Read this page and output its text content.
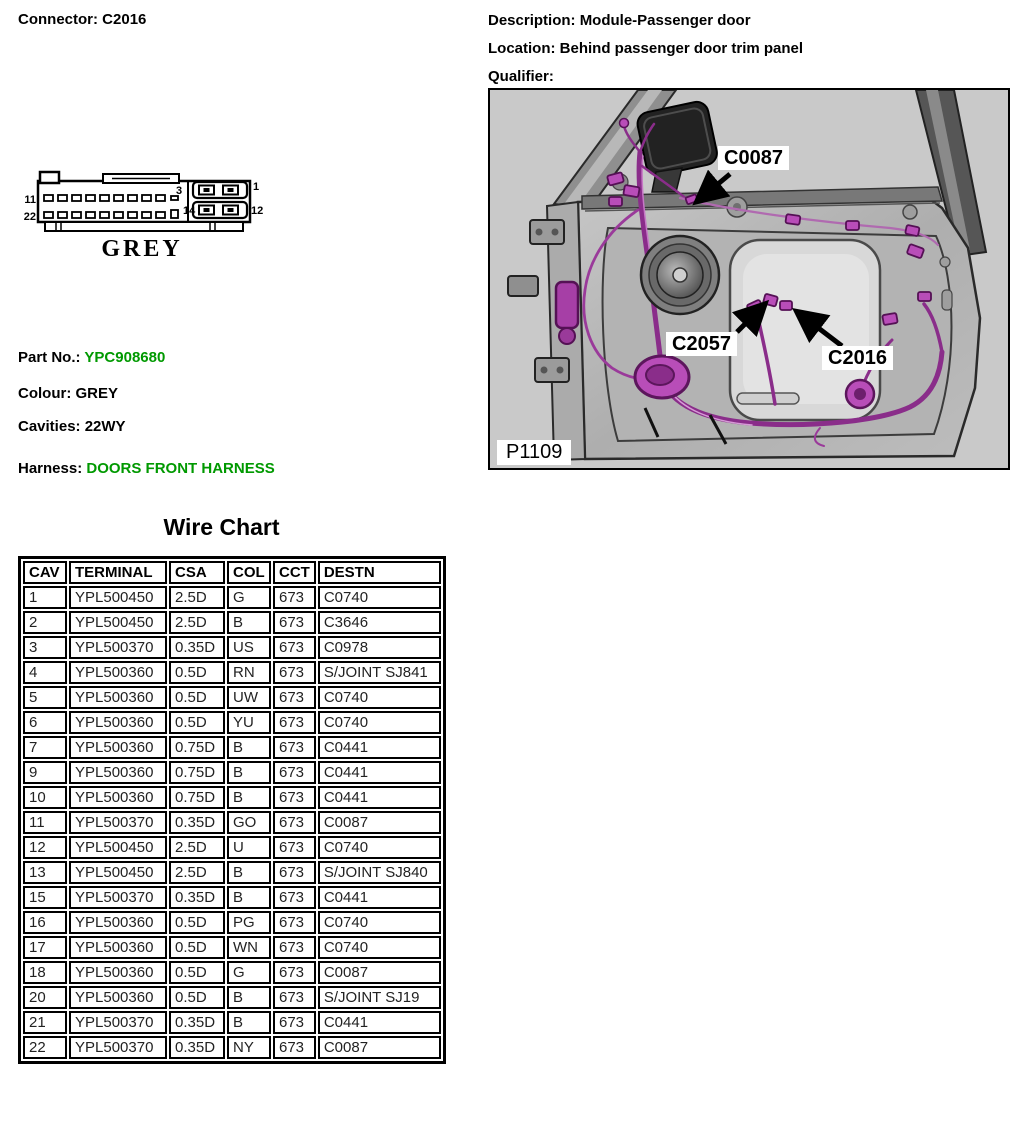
Connector: C2016	Description: Module-Passenger door
Location: Behind passenger door trim panel
Qualifier:
11
22
3
14
1
12
GREY
Part No.: YPC908680
Colour: GREY
Cavities: 22WY
Harness: DOORS FRONT HARNESS
C0087
C2057
C2016
P1109
Wire Chart
CAV	TERMINAL	CSA	COL	CCT	DESTN
1	YPL500450	2.5D	G	673	C0740
2	YPL500450	2.5D	B	673	C3646
3	YPL500370	0.35D	US	673	C0978
4	YPL500360	0.5D	RN	673	S/JOINT SJ841
5	YPL500360	0.5D	UW	673	C0740
6	YPL500360	0.5D	YU	673	C0740
7	YPL500360	0.75D	B	673	C0441
9	YPL500360	0.75D	B	673	C0441
10	YPL500360	0.75D	B	673	C0441
11	YPL500370	0.35D	GO	673	C0087
12	YPL500450	2.5D	U	673	C0740
13	YPL500450	2.5D	B	673	S/JOINT SJ840
15	YPL500370	0.35D	B	673	C0441
16	YPL500360	0.5D	PG	673	C0740
17	YPL500360	0.5D	WN	673	C0740
18	YPL500360	0.5D	G	673	C0087
20	YPL500360	0.5D	B	673	S/JOINT SJ19
21	YPL500370	0.35D	B	673	C0441
22	YPL500370	0.35D	NY	673	C0087
